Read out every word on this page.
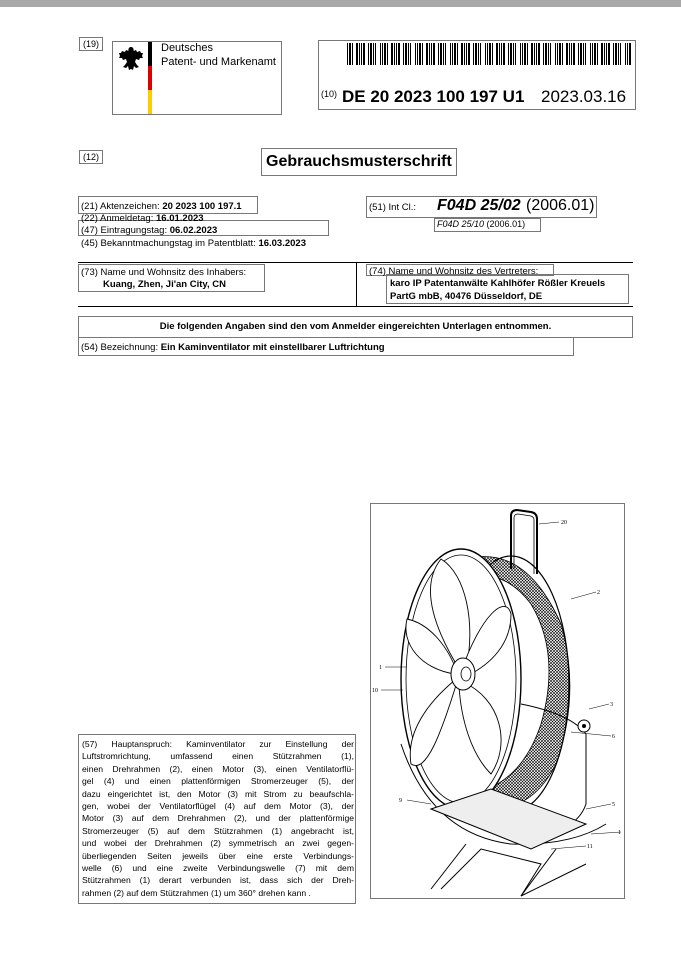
(19)	Deutsches
Patent- und Markenamt
(10) DE 20 2023 100 197 U1 2023.03.16
(12)	Gebrauchsmusterschrift
(21) Aktenzeichen: 20 2023 100 197.1
(22) Anmeldetag: 16.01.2023
(47) Eintragungstag: 06.02.2023
(45) Bekanntmachungstag im Patentblatt: 16.03.2023
(51) Int Cl.: F04D 25/02 (2006.01)
F04D 25/10 (2006.01)
(73) Name und Wohnsitz des Inhabers:
Kuang, Zhen, Ji'an City, CN
(74) Name und Wohnsitz des Vertreters:
karo IP Patentanwälte Kahlhöfer Rößler Kreuels
PartG mbB, 40476 Düsseldorf, DE
Die folgenden Angaben sind den vom Anmelder eingereichten Unterlagen entnommen.
(54) Bezeichnung: Ein Kaminventilator mit einstellbarer Luftrichtung
(57) Hauptanspruch: Kaminventilator zur Einstellung der
Luftstromrichtung, umfassend einen Stützrahmen (1),
einen Drehrahmen (2), einen Motor (3), einen Ventilatorflü-
gel (4) und einen plattenförmigen Stromerzeuger (5), der
dazu eingerichtet ist, den Motor (3) mit Strom zu beaufschla-
gen, wobei der Ventilatorflügel (4) auf dem Motor (3), der
Motor (3) auf dem Drehrahmen (2), und der plattenförmige
Stromerzeuger (5) auf dem Stützrahmen (1) angebracht ist,
und wobei der Drehrahmen (2) symmetrisch an zwei gegen-
überliegenden Seiten jeweils über eine erste Verbindungs-
welle (6) und eine zweite Verbindungswelle (7) mit dem
Stützrahmen (1) derart verbunden ist, dass sich der Dreh-
rahmen (2) auf dem Stützrahmen (1) um 360° drehen kann .
20
2
1
10
3
6
9
5
1
11
